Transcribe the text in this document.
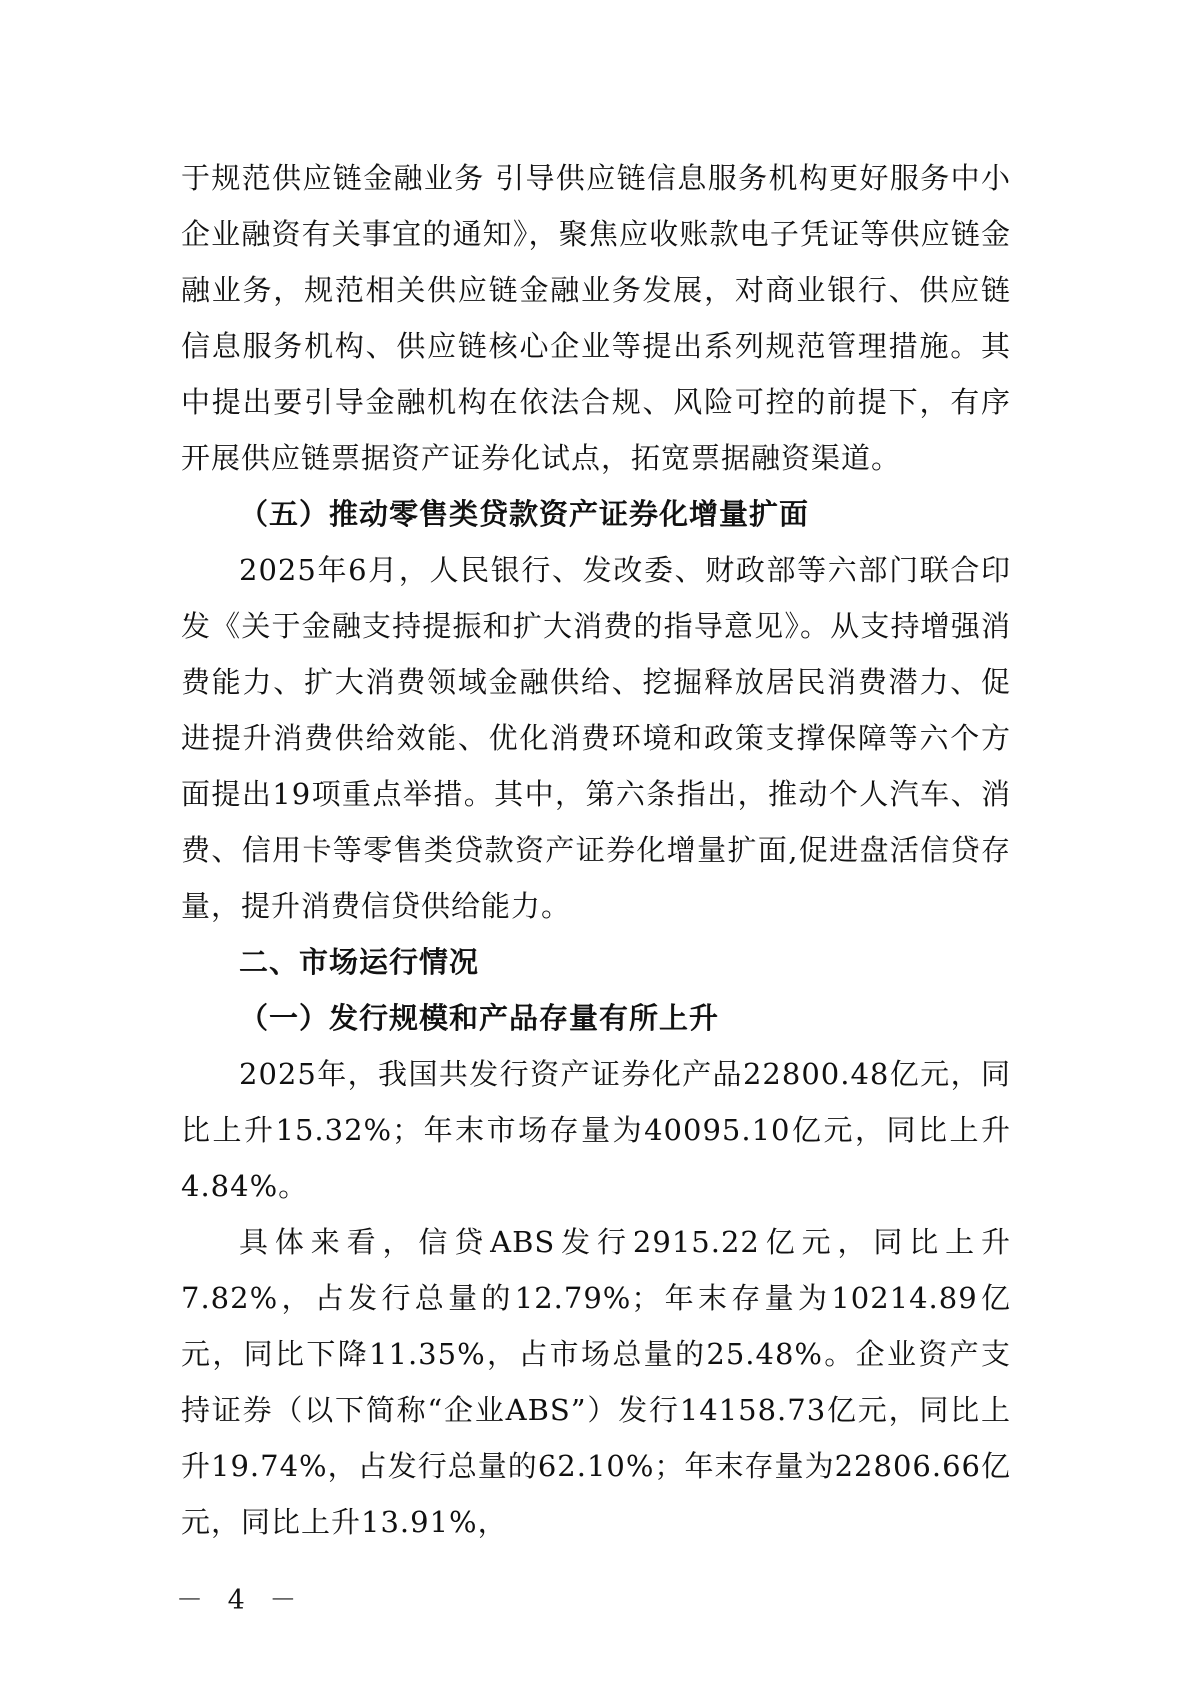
于规范供应链金融业务 引导供应链信息服务机构更好服务中小企业融资有关事宜的通知》，聚焦应收账款电子凭证等供应链金融业务，规范相关供应链金融业务发展，对商业银行、供应链信息服务机构、供应链核心企业等提出系列规范管理措施。其中提出要引导金融机构在依法合规、风险可控的前提下，有序开展供应链票据资产证券化试点，拓宽票据融资渠道。

（五）推动零售类贷款资产证券化增量扩面

2025年6月，人民银行、发改委、财政部等六部门联合印发《关于金融支持提振和扩大消费的指导意见》。从支持增强消费能力、扩大消费领域金融供给、挖掘释放居民消费潜力、促进提升消费供给效能、优化消费环境和政策支撑保障等六个方面提出19项重点举措。其中，第六条指出，推动个人汽车、消费、信用卡等零售类贷款资产证券化增量扩面,促进盘活信贷存量，提升消费信贷供给能力。

二、市场运行情况

（一）发行规模和产品存量有所上升

2025年，我国共发行资产证券化产品22800.48亿元，同比上升15.32%；年末市场存量为40095.10亿元，同比上升4.84%。

具体来看，信贷ABS发行2915.22亿元，同比上升7.82%，占发行总量的12.79%；年末存量为10214.89亿元，同比下降11.35%，占市场总量的25.48%。企业资产支持证券（以下简称“企业ABS”）发行14158.73亿元，同比上升19.74%，占发行总量的62.10%；年末存量为22806.66亿元，同比上升13.91%，

－ 4 －
